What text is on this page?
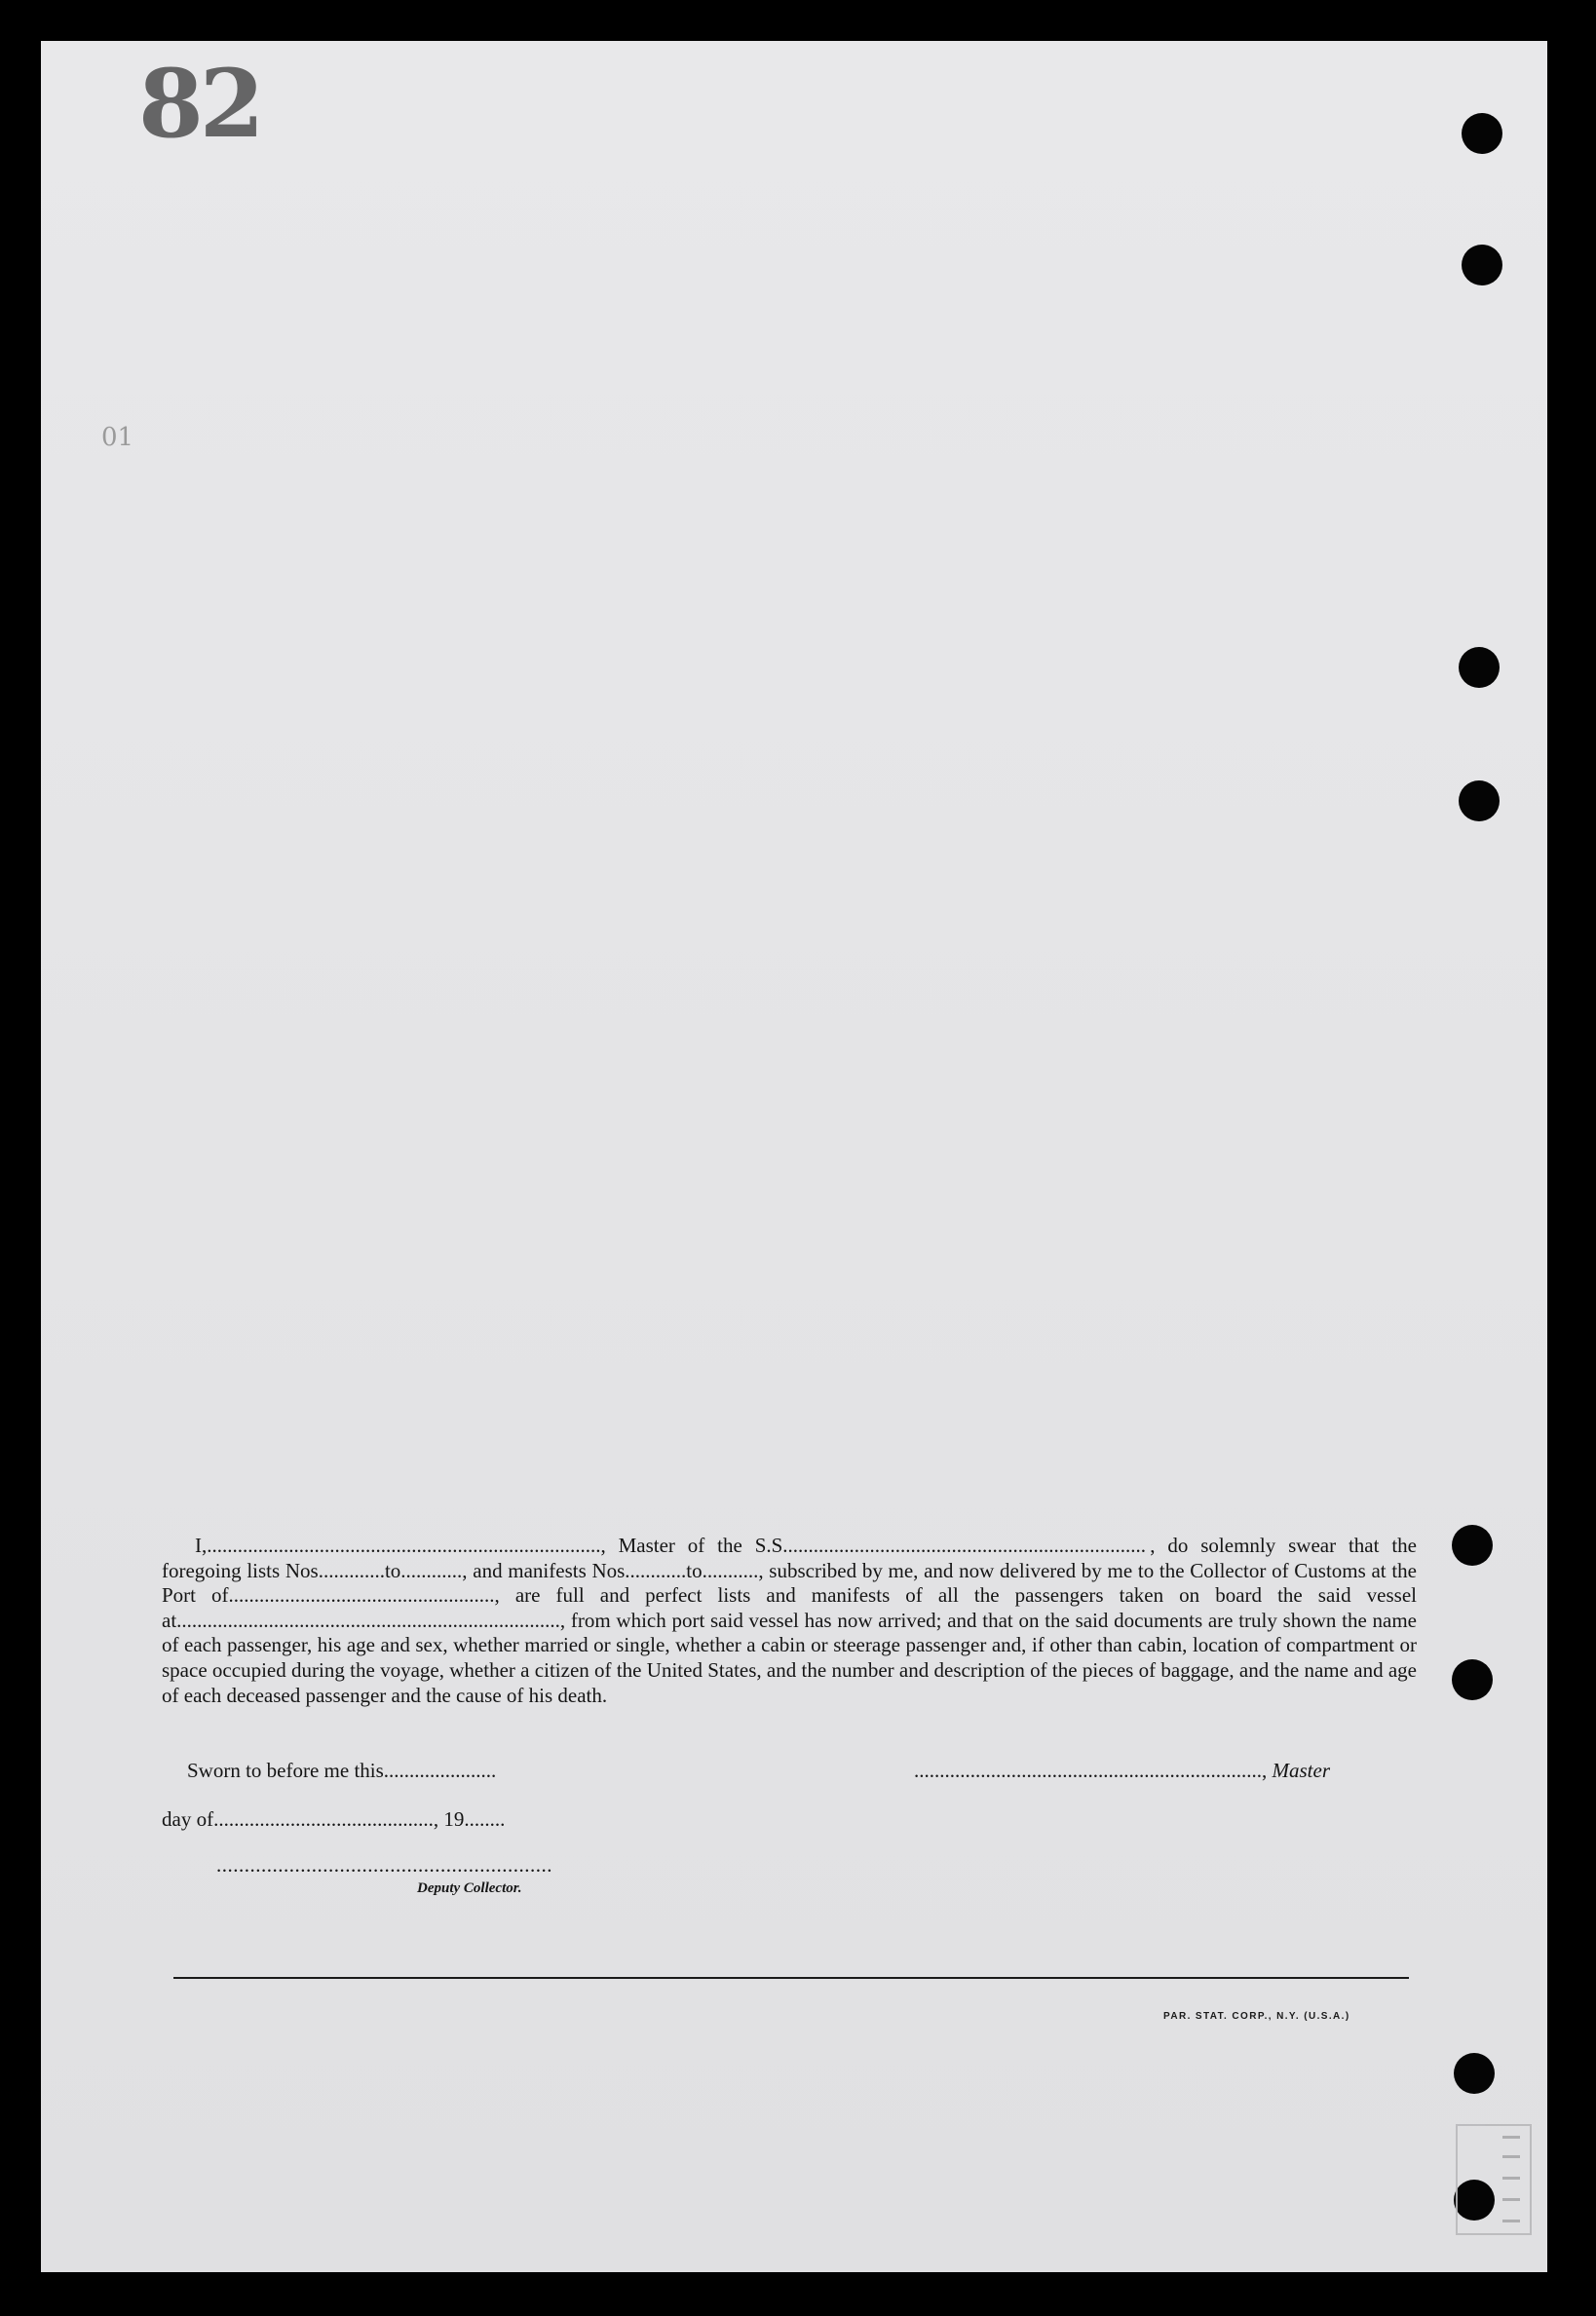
82
01

I,............................................................................., Master of the S.S....................................................................... , do solemnly swear that the foregoing lists Nos.............to............, and manifests Nos............to..........., subscribed by me, and now delivered by me to the Collector of Customs at the Port of...................................................., are full and perfect lists and manifests of all the passengers taken on board the said vessel at..........................................................................., from which port said vessel has now arrived; and that on the said documents are truly shown the name of each passenger, his age and sex, whether married or single, whether a cabin or steerage passenger and, if other than cabin, location of compartment or space occupied during the voyage, whether a citizen of the United States, and the number and description of the pieces of baggage, and the name and age of each deceased passenger and the cause of his death.

Sworn to before me this......................	...................................................................., Master
day of..........................................., 19........
............................................................
Deputy Collector.
PAR. STAT. CORP., N.Y. (U.S.A.)
